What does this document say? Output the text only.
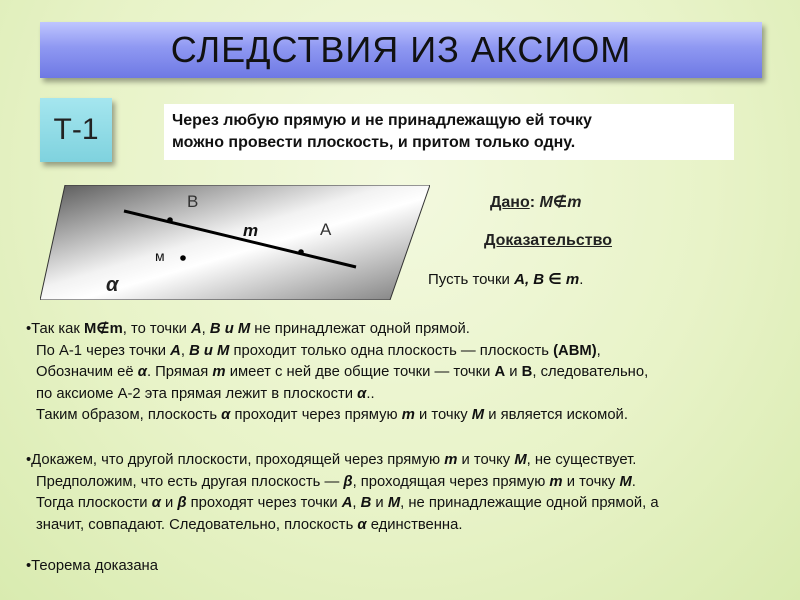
СЛЕДСТВИЯ ИЗ АКСИОМ
Т-1	Через любую прямую и не принадлежащую ей точку
можно провести плоскость, и притом только одну.
B
A
m
м
α
Дано: М∉m
Доказательство
Пусть точки А, В ∈ m.
•Так как М∉m, то точки А, В и М не принадлежат одной прямой.
По А-1 через точки А, В и М проходит только одна плоскость — плоскость (АВМ),
Обозначим её α. Прямая m имеет с ней две общие точки — точки А и В, следовательно,
по аксиоме А-2 эта прямая лежит в плоскости α..
Таким образом, плоскость α проходит через прямую m и точку М и является искомой.
•Докажем, что другой плоскости, проходящей через прямую m и точку М, не существует.
Предположим, что есть другая плоскость — β, проходящая через прямую m и точку М.
Тогда плоскости α и β проходят через точки А, В и М, не принадлежащие одной прямой, а
значит, совпадают. Следовательно, плоскость α единственна.
•Теорема доказана
